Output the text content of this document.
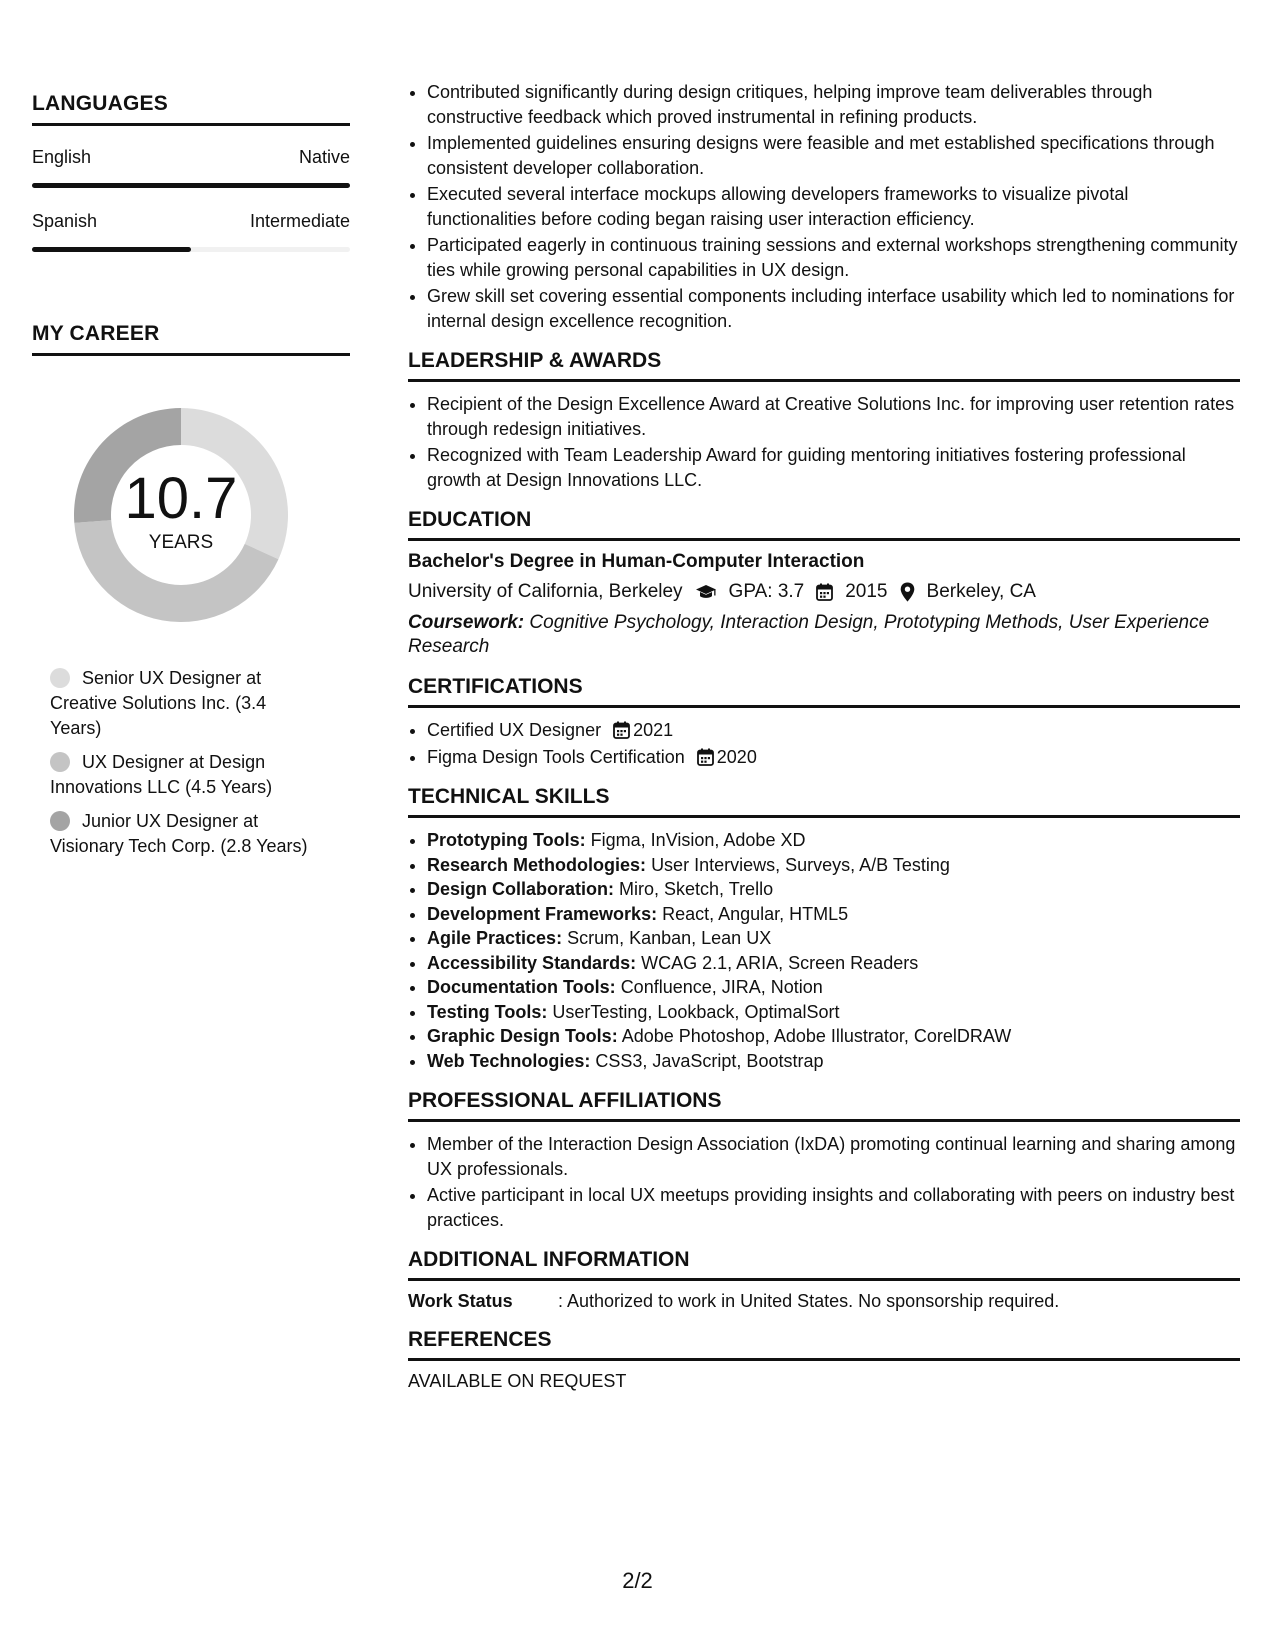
LANGUAGES
English	Native
Spanish	Intermediate
MY CAREER
10.7
YEARS
Senior UX Designer at Creative Solutions Inc. (3.4 Years)
UX Designer at Design Innovations LLC (4.5 Years)
Junior UX Designer at Visionary Tech Corp. (2.8 Years)
• Contributed significantly during design critiques, helping improve team deliverables through constructive feedback which proved instrumental in refining products.
• Implemented guidelines ensuring designs were feasible and met established specifications through consistent developer collaboration.
• Executed several interface mockups allowing developers frameworks to visualize pivotal functionalities before coding began raising user interaction efficiency.
• Participated eagerly in continuous training sessions and external workshops strengthening community ties while growing personal capabilities in UX design.
• Grew skill set covering essential components including interface usability which led to nominations for internal design excellence recognition.
LEADERSHIP & AWARDS
• Recipient of the Design Excellence Award at Creative Solutions Inc. for improving user retention rates through redesign initiatives.
• Recognized with Team Leadership Award for guiding mentoring initiatives fostering professional growth at Design Innovations LLC.
EDUCATION
Bachelor's Degree in Human-Computer Interaction
University of California, Berkeley GPA: 3.7 2015 Berkeley, CA
Coursework: Cognitive Psychology, Interaction Design, Prototyping Methods, User Experience Research
CERTIFICATIONS
• Certified UX Designer 2021
• Figma Design Tools Certification 2020
TECHNICAL SKILLS
• Prototyping Tools: Figma, InVision, Adobe XD
• Research Methodologies: User Interviews, Surveys, A/B Testing
• Design Collaboration: Miro, Sketch, Trello
• Development Frameworks: React, Angular, HTML5
• Agile Practices: Scrum, Kanban, Lean UX
• Accessibility Standards: WCAG 2.1, ARIA, Screen Readers
• Documentation Tools: Confluence, JIRA, Notion
• Testing Tools: UserTesting, Lookback, OptimalSort
• Graphic Design Tools: Adobe Photoshop, Adobe Illustrator, CorelDRAW
• Web Technologies: CSS3, JavaScript, Bootstrap
PROFESSIONAL AFFILIATIONS
• Member of the Interaction Design Association (IxDA) promoting continual learning and sharing among UX professionals.
• Active participant in local UX meetups providing insights and collaborating with peers on industry best practices.
ADDITIONAL INFORMATION
Work Status	: Authorized to work in United States. No sponsorship required.
REFERENCES
AVAILABLE ON REQUEST
2/2
